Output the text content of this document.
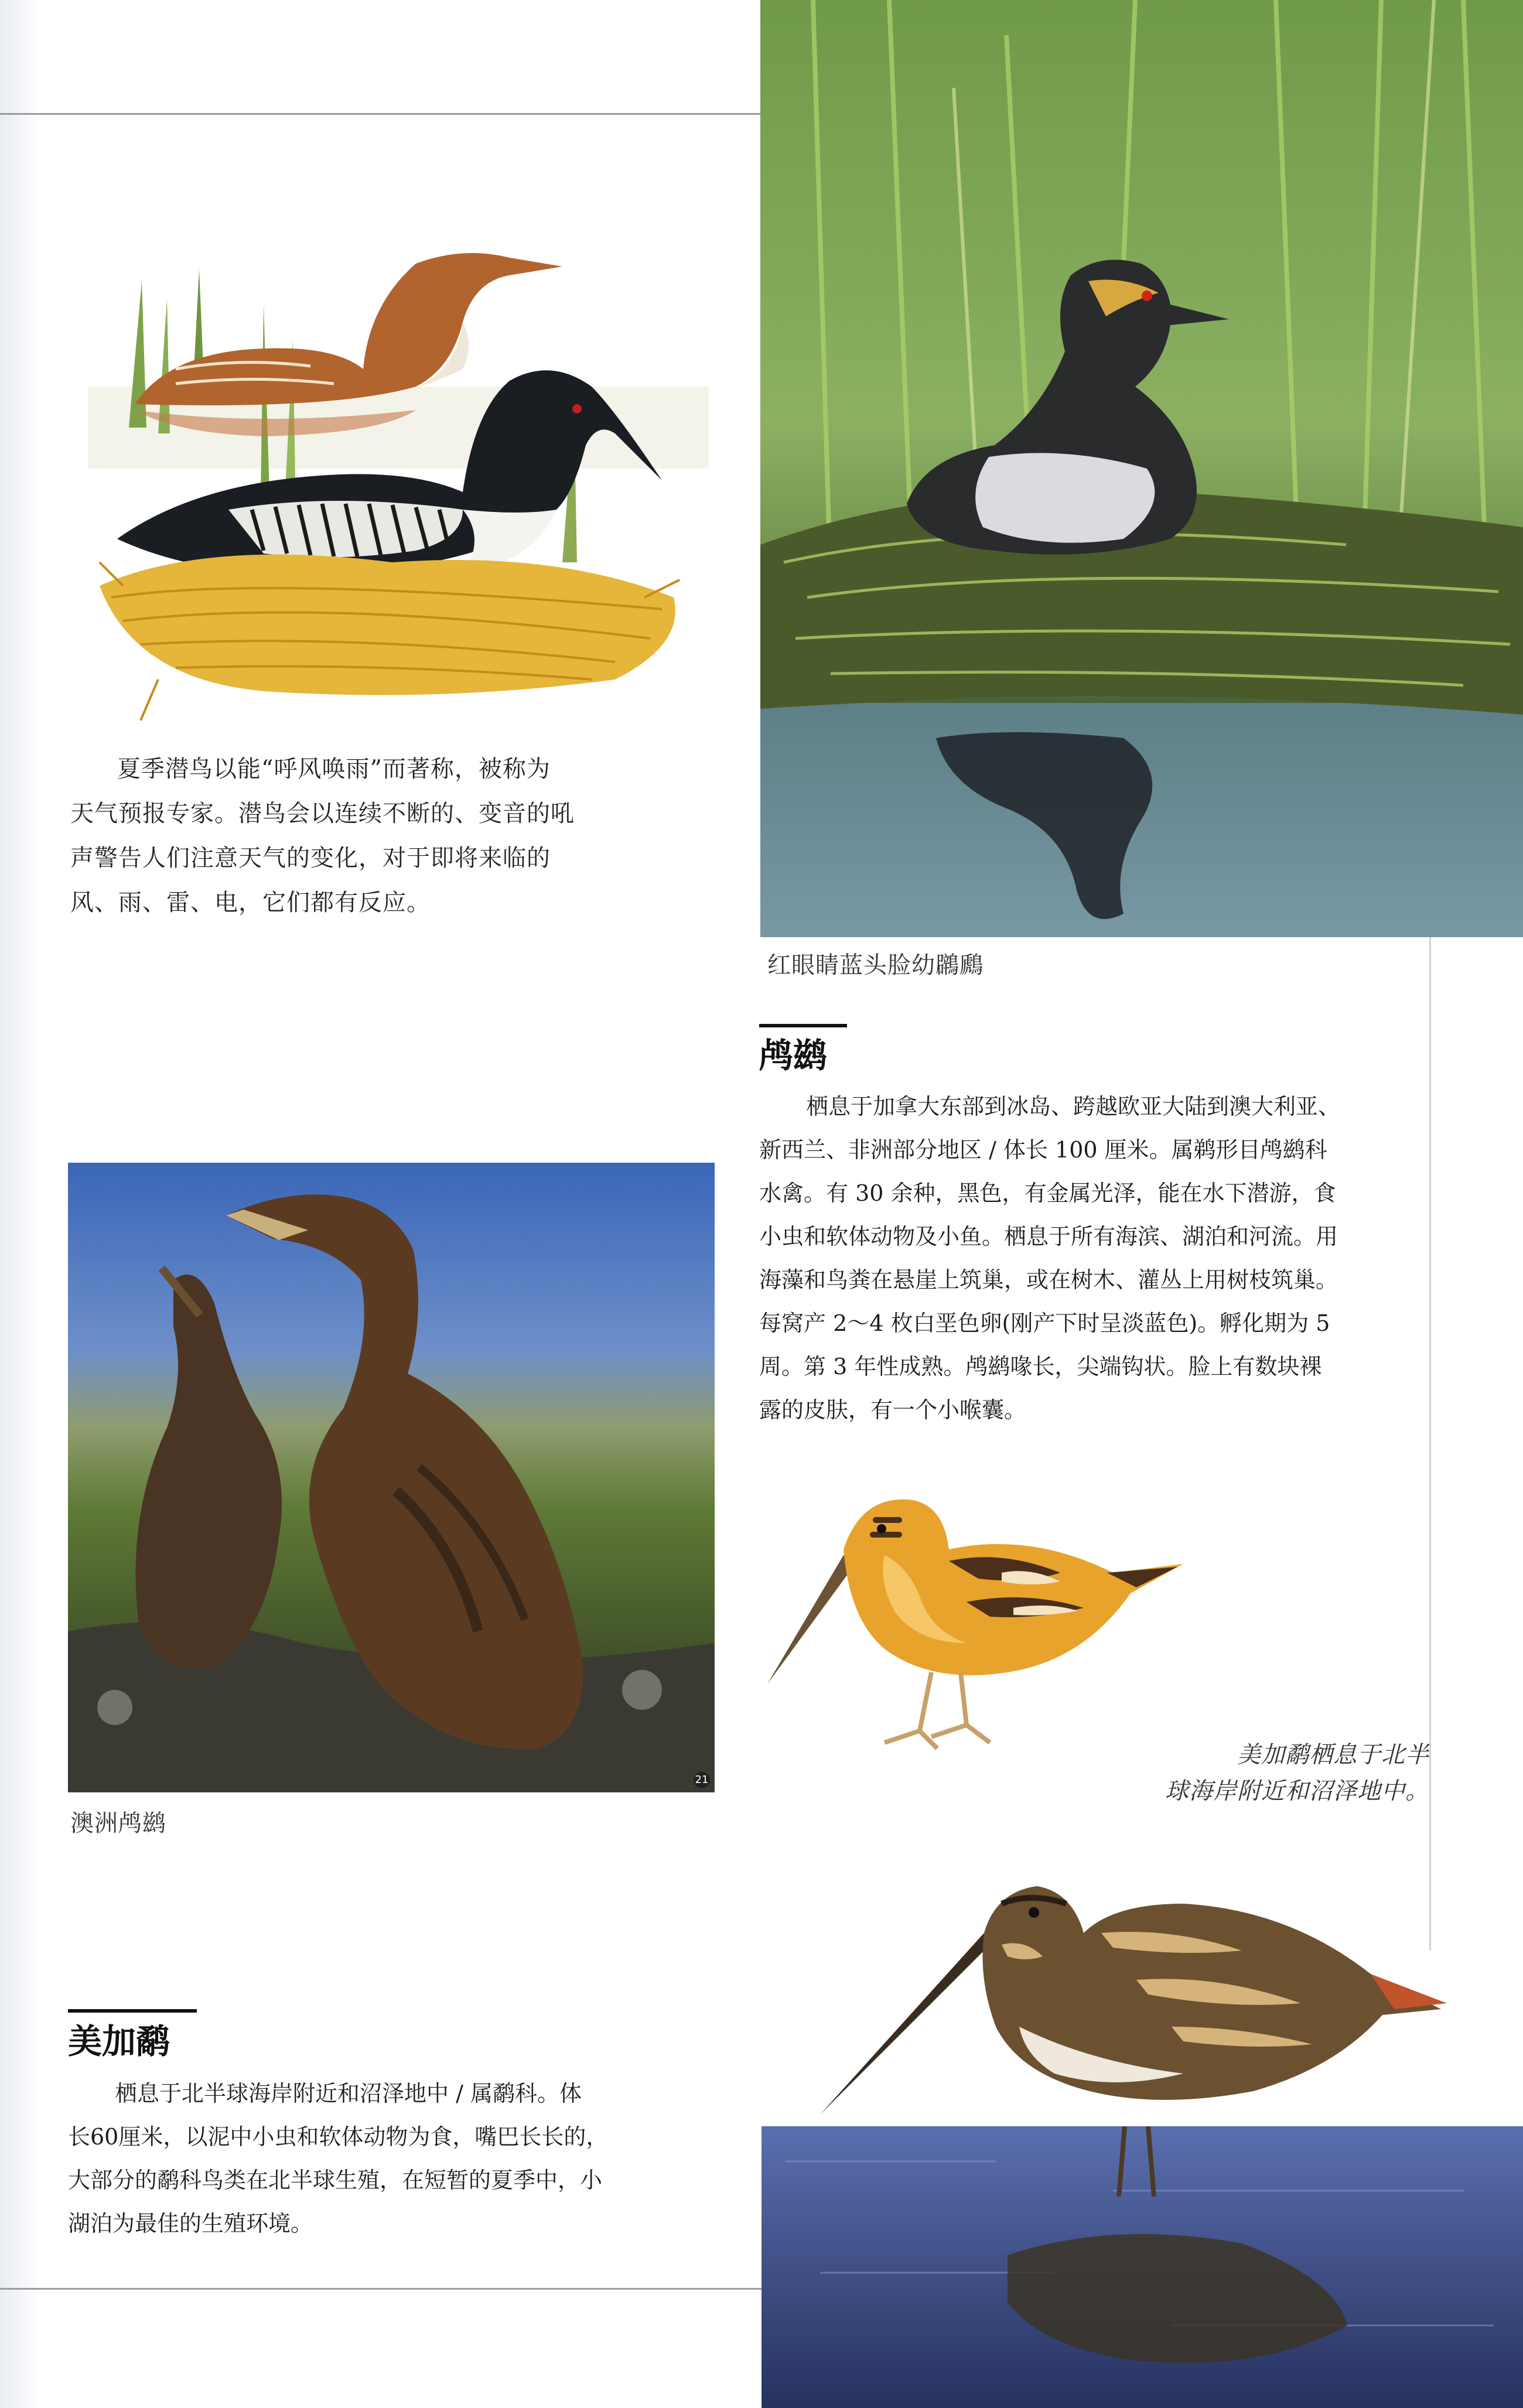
夏季潜鸟以能“呼风唤雨”而著称，被称为
天气预报专家。潜鸟会以连续不断的、变音的吼
声警告人们注意天气的变化，对于即将来临的
风、雨、雷、电，它们都有反应。
红眼睛蓝头脸幼鸊鷉
鸬鹚
栖息于加拿大东部到冰岛、跨越欧亚大陆到澳大利亚、
新西兰、非洲部分地区 / 体长 100 厘米。属鹈形目鸬鹚科
水禽。有 30 余种，黑色，有金属光泽，能在水下潜游，食
小虫和软体动物及小鱼。栖息于所有海滨、湖泊和河流。用
海藻和鸟粪在悬崖上筑巢，或在树木、灌丛上用树枝筑巢。
每窝产 2～4 枚白垩色卵(刚产下时呈淡蓝色)。孵化期为 5
周。第 3 年性成熟。鸬鹚喙长，尖端钩状。脸上有数块裸
露的皮肤，有一个小喉囊。
21
澳洲鸬鹚
美加鹬栖息于北半
球海岸附近和沼泽地中。
美加鹬
栖息于北半球海岸附近和沼泽地中 / 属鹬科。体
长60厘米，以泥中小虫和软体动物为食，嘴巴长长的，
大部分的鹬科鸟类在北半球生殖，在短暂的夏季中，小
湖泊为最佳的生殖环境。
